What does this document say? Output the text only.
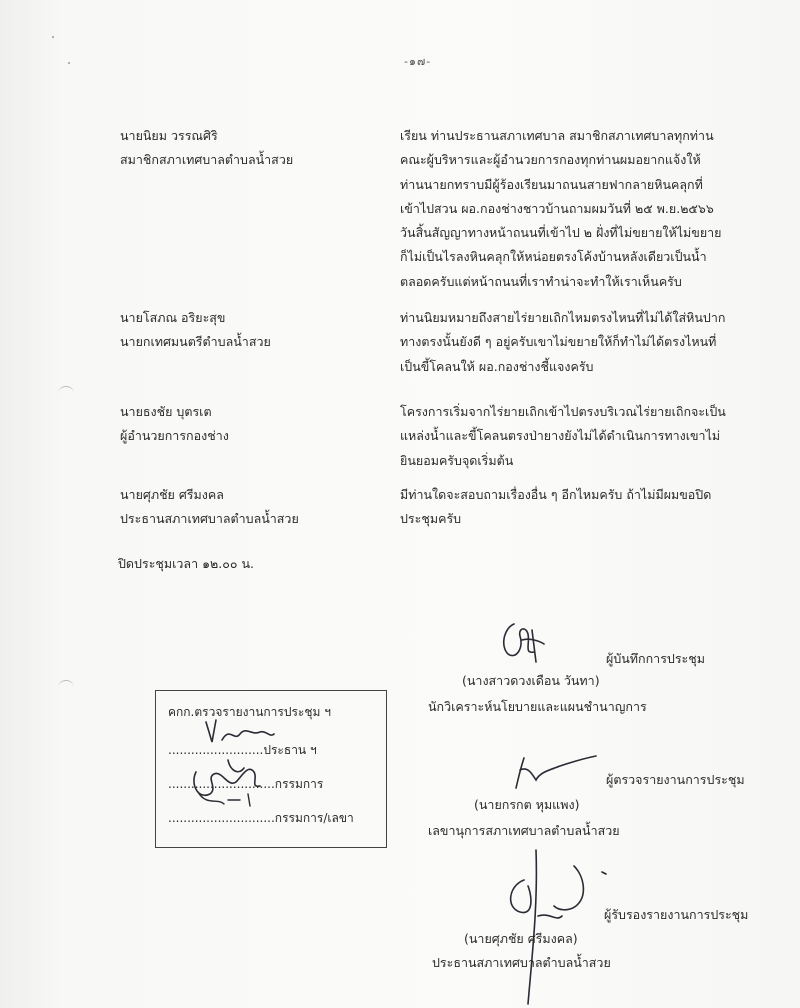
-๑๗-
นายนิยม วรรณศิริ
สมาชิกสภาเทศบาลตำบลน้ำสวย
เรียน ท่านประธานสภาเทศบาล สมาชิกสภาเทศบาลทุกท่าน
คณะผู้บริหารและผู้อำนวยการกองทุกท่านผมอยากแจ้งให้
ท่านนายกทราบมีผู้ร้องเรียนมาถนนสายฟากลายหินคลุกที่
เข้าไปสวน ผอ.กองช่างชาวบ้านถามผมวันที่ ๒๕ พ.ย.๒๕๖๖
วันสิ้นสัญญาทางหน้าถนนที่เข้าไป ๒ ฝั่งที่ไม่ขยายให้ไม่ขยาย
ก็ไม่เป็นไรลงหินคลุกให้หน่อยตรงโค้งบ้านหลังเดียวเป็นน้ำ
ตลอดครับแต่หน้าถนนที่เราทำน่าจะทำให้เราเห็นครับ
นายโสภณ อริยะสุข
นายกเทศมนตรีตำบลน้ำสวย
ท่านนิยมหมายถึงสายไร่ยายเถิกไหมตรงไหนที่ไม่ได้ใส่หินปาก
ทางตรงนั้นยังดี ๆ อยู่ครับเขาไม่ขยายให้ก็ทำไม่ได้ตรงไหนที่
เป็นขี้โคลนให้ ผอ.กองช่างชี้แจงครับ
นายธงชัย บุตรเต
ผู้อำนวยการกองช่าง
โครงการเริ่มจากไร่ยายเถิกเข้าไปตรงบริเวณไร่ยายเถิกจะเป็น
แหล่งน้ำและขี้โคลนตรงป่ายางยังไม่ได้ดำเนินการทางเขาไม่
ยินยอมครับจุดเริ่มต้น
นายศุภชัย ศรีมงคล
ประธานสภาเทศบาลตำบลน้ำสวย
มีท่านใดจะสอบถามเรื่องอื่น ๆ อีกไหมครับ ถ้าไม่มีผมขอปิด
ประชุมครับ
ปิดประชุมเวลา ๑๒.๐๐ น.
ผู้บันทึกการประชุม
(นางสาวดวงเดือน วันทา)
นักวิเคราะห์นโยบายและแผนชำนาญการ
คกก.ตรวจรายงานการประชุม ฯ
.........................ประธาน ฯ
............................กรรมการ
............................กรรมการ/เลขา
ผู้ตรวจรายงานการประชุม
(นายกรกต หุมแพง)
เลขานุการสภาเทศบาลตำบลน้ำสวย
ผู้รับรองรายงานการประชุม
(นายศุภชัย ศรีมงคล)
ประธานสภาเทศบาลตำบลน้ำสวย
